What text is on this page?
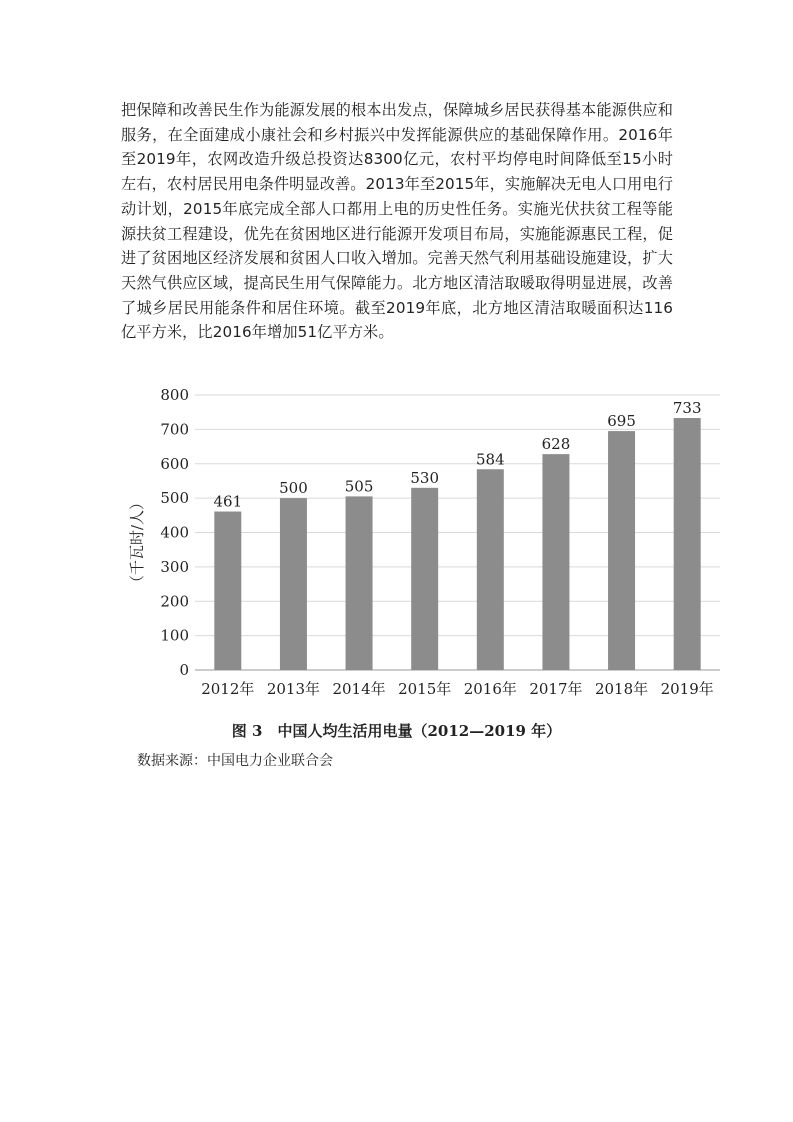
把保障和改善民生作为能源发展的根本出发点，保障城乡居民获得基本能源供应和服务，在全面建成小康社会和乡村振兴中发挥能源供应的基础保障作用。2016年至2019年，农网改造升级总投资达8300亿元，农村平均停电时间降低至15小时左右，农村居民用电条件明显改善。2013年至2015年，实施解决无电人口用电行动计划，2015年底完成全部人口都用上电的历史性任务。实施光伏扶贫工程等能源扶贫工程建设，优先在贫困地区进行能源开发项目布局，实施能源惠民工程，促进了贫困地区经济发展和贫困人口收入增加。完善天然气利用基础设施建设，扩大天然气供应区域，提高民生用气保障能力。北方地区清洁取暖取得明显进展，改善了城乡居民用能条件和居住环境。截至2019年底，北方地区清洁取暖面积达116亿平方米，比2016年增加51亿平方米。

461
500 505 530
584
628
695
733
0
100
200
300
400
500
600
700
800
2012年 2013年 2014年 2015年 2016年 2017年 2018年 2019年
（千瓦时/人）
图 3　中国人均生活用电量（2012—2019 年）
数据来源：中国电力企业联合会
